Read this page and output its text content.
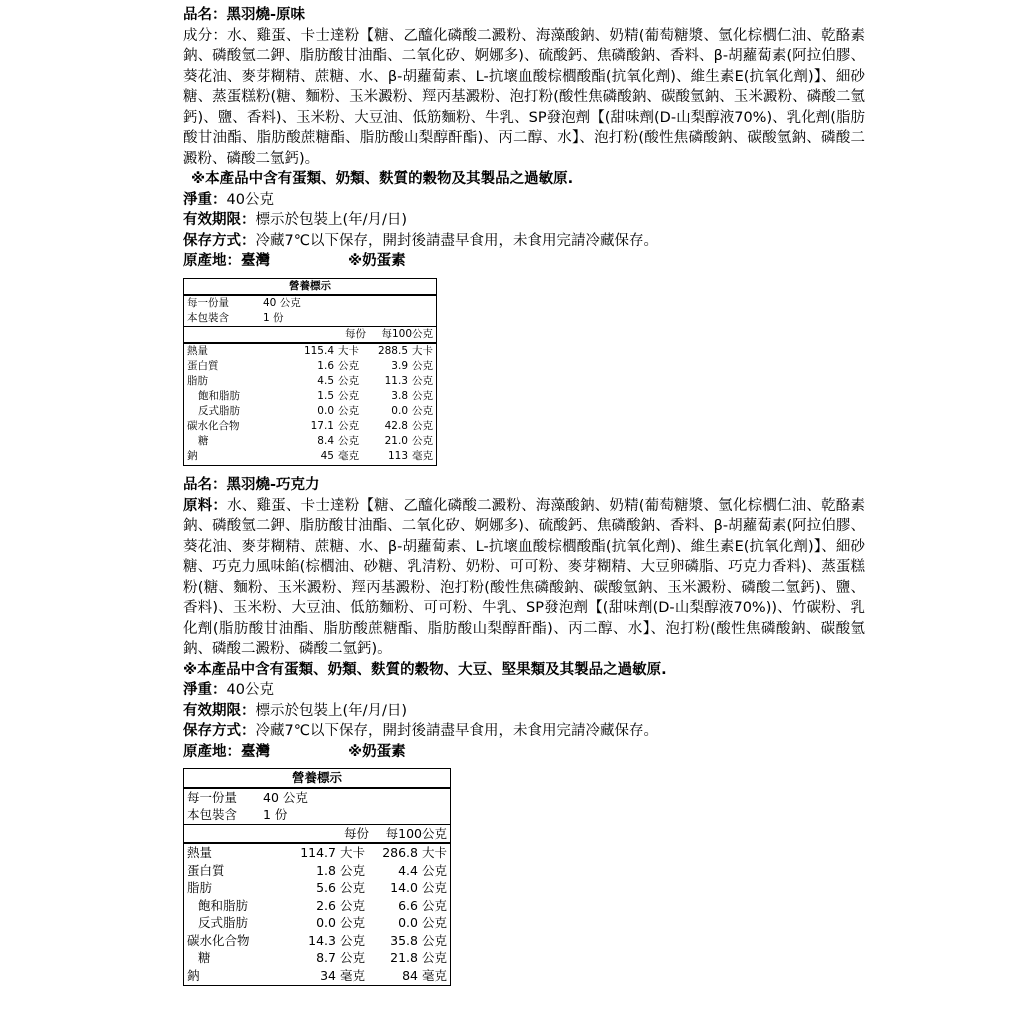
品名：黑羽燒-原味

成分：水、雞蛋、卡士達粉【糖、乙醯化磷酸二澱粉、海藻酸鈉、奶精(葡萄糖漿、氫化棕櫚仁油、乾酪素鈉、磷酸氫二鉀、脂肪酸甘油酯、二氧化矽、婀娜多)、硫酸鈣、焦磷酸鈉、香料、β-胡蘿蔔素(阿拉伯膠、葵花油、麥芽糊精、蔗糖、水、β-胡蘿蔔素、L-抗壞血酸棕櫚酸酯(抗氧化劑)、維生素E(抗氧化劑)】、細砂糖、蒸蛋糕粉(糖、麵粉、玉米澱粉、羥丙基澱粉、泡打粉(酸性焦磷酸鈉、碳酸氫鈉、玉米澱粉、磷酸二氫鈣)、鹽、香料)、玉米粉、大豆油、低筋麵粉、牛乳、SP發泡劑【(甜味劑(D-山梨醇液70%)、乳化劑(脂肪酸甘油酯、脂肪酸蔗糖酯、脂肪酸山梨醇酐酯)、丙二醇、水】、泡打粉(酸性焦磷酸鈉、碳酸氫鈉、磷酸二澱粉、磷酸二氫鈣)。

※本產品中含有蛋類、奶類、麩質的穀物及其製品之過敏原.

淨重：40公克

有效期限：標示於包裝上(年/月/日)

保存方式：冷藏7℃以下保存，開封後請盡早食用，未食用完請冷藏保存。

原產地：臺灣	※奶蛋素

營養標示
每一份量	40 公克
本包裝含	1 份
每份	每100公克
熱量	115.4 大卡	288.5 大卡
蛋白質	1.6 公克	3.9 公克
脂肪	4.5 公克	11.3 公克
飽和脂肪	1.5 公克	3.8 公克
反式脂肪	0.0 公克	0.0 公克
碳水化合物	17.1 公克	42.8 公克
糖	8.4 公克	21.0 公克
鈉	45 毫克	113 毫克

品名：黑羽燒-巧克力

原料：水、雞蛋、卡士達粉【糖、乙醯化磷酸二澱粉、海藻酸鈉、奶精(葡萄糖漿、氫化棕櫚仁油、乾酪素鈉、磷酸氫二鉀、脂肪酸甘油酯、二氧化矽、婀娜多)、硫酸鈣、焦磷酸鈉、香料、β-胡蘿蔔素(阿拉伯膠、葵花油、麥芽糊精、蔗糖、水、β-胡蘿蔔素、L-抗壞血酸棕櫚酸酯(抗氧化劑)、維生素E(抗氧化劑)】、細砂糖、巧克力風味餡(棕櫚油、砂糖、乳清粉、奶粉、可可粉、麥芽糊精、大豆卵磷脂、巧克力香料)、蒸蛋糕粉(糖、麵粉、玉米澱粉、羥丙基澱粉、泡打粉(酸性焦磷酸鈉、碳酸氫鈉、玉米澱粉、磷酸二氫鈣)、鹽、香料)、玉米粉、大豆油、低筋麵粉、可可粉、牛乳、SP發泡劑【(甜味劑(D-山梨醇液70%))、竹碳粉、乳化劑(脂肪酸甘油酯、脂肪酸蔗糖酯、脂肪酸山梨醇酐酯)、丙二醇、水】、泡打粉(酸性焦磷酸鈉、碳酸氫鈉、磷酸二澱粉、磷酸二氫鈣)。

※本產品中含有蛋類、奶類、麩質的穀物、大豆、堅果類及其製品之過敏原.

淨重：40公克

有效期限：標示於包裝上(年/月/日)

保存方式：冷藏7℃以下保存，開封後請盡早食用，未食用完請冷藏保存。

原產地：臺灣	※奶蛋素

營養標示
每一份量	40 公克
本包裝含	1 份
每份	每100公克
熱量	114.7 大卡	286.8 大卡
蛋白質	1.8 公克	4.4 公克
脂肪	5.6 公克	14.0 公克
飽和脂肪	2.6 公克	6.6 公克
反式脂肪	0.0 公克	0.0 公克
碳水化合物	14.3 公克	35.8 公克
糖	8.7 公克	21.8 公克
鈉	34 毫克	84 毫克
